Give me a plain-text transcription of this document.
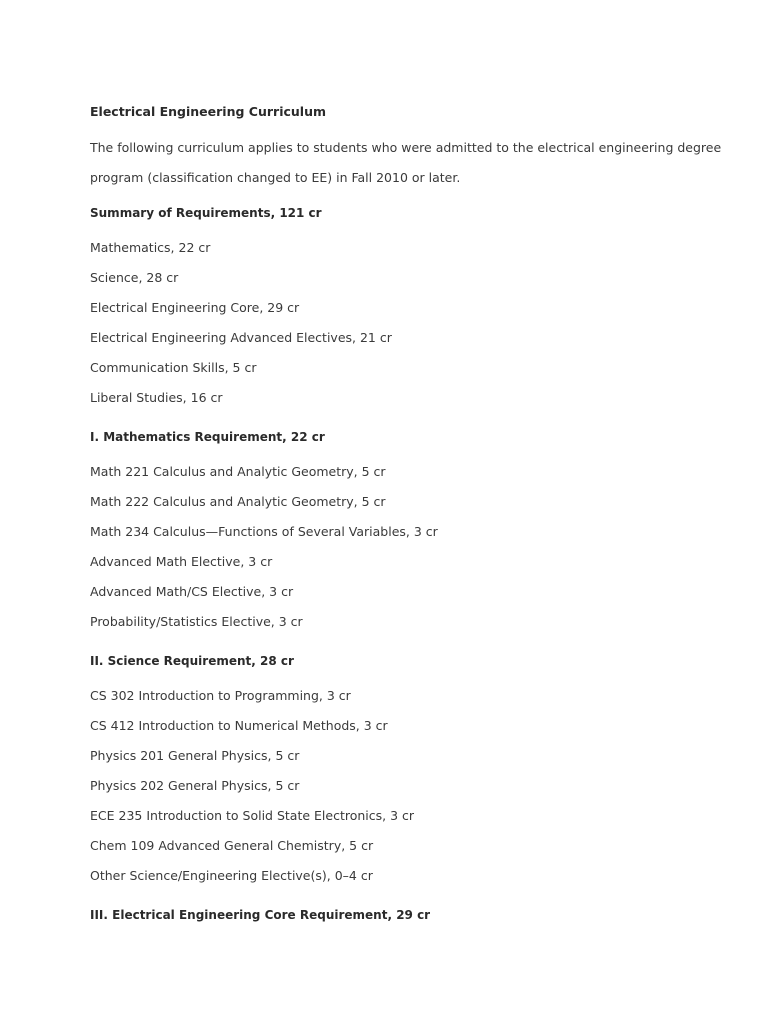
Electrical Engineering Curriculum
The following curriculum applies to students who were admitted to the electrical engineering degree program (classification changed to EE) in Fall 2010 or later.
Summary of Requirements, 121 cr
Mathematics, 22 cr
Science, 28 cr
Electrical Engineering Core, 29 cr
Electrical Engineering Advanced Electives, 21 cr
Communication Skills, 5 cr
Liberal Studies, 16 cr
I. Mathematics Requirement, 22 cr
Math 221 Calculus and Analytic Geometry, 5 cr
Math 222 Calculus and Analytic Geometry, 5 cr
Math 234 Calculus—Functions of Several Variables, 3 cr
Advanced Math Elective, 3 cr
Advanced Math/CS Elective, 3 cr
Probability/Statistics Elective, 3 cr
II. Science Requirement, 28 cr
CS 302 Introduction to Programming, 3 cr
CS 412 Introduction to Numerical Methods, 3 cr
Physics 201 General Physics, 5 cr
Physics 202 General Physics, 5 cr
ECE 235 Introduction to Solid State Electronics, 3 cr
Chem 109 Advanced General Chemistry, 5 cr
Other Science/Engineering Elective(s), 0–4 cr
III. Electrical Engineering Core Requirement, 29 cr
